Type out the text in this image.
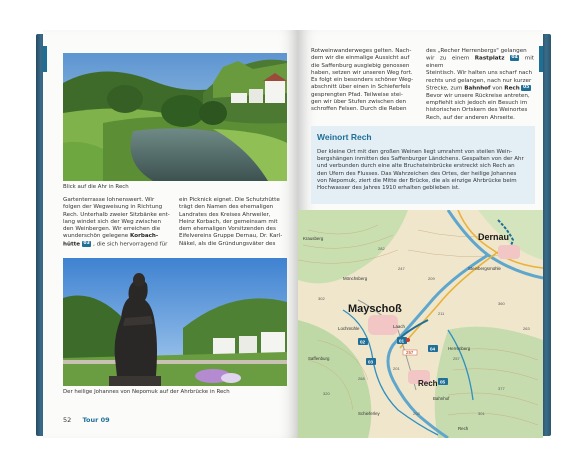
Blick auf die Ahr in Rech
Gartenterrasse Iohnenswert. Wir
folgen der Wegweisung in Richtung
Rech. Unterhalb zweier Sitzbänke ent-
lang windet sich der Weg zwischen
den Weinbergen. Wir erreichen die
wunderschön gelegene Korbach-
hütte 03 , die sich hervorragend für
ein Picknick eignet. Die Schutzhütte
trägt den Namen des ehemaligen
Landrates des Kreises Ahrweiler,
Heinz Korbach, der gemeinsam mit
dem ehemaligen Vorsitzenden des
Eifelvereins Gruppe Dernau, Dr. Karl-
Näkel, als die Gründungsväter des
Der heilige Johannes von Nepomuk auf der Ahrbrücke in Rech
52 Tour 09
Rotweinwanderweges gelten. Nach-
dem wir die einmalige Aussicht auf
die Saffenburg ausgiebig genossen
haben, setzen wir unseren Weg fort.
Es folgt ein besonders schöner Weg-
abschnitt über einen in Schieferfels
gesprengten Pfad. Teilweise stei-
gen wir über Stufen zwischen den
schroffen Felsen. Durch die Reben
des „Recher Herrenbergs" gelangen
wir zu einem Rastplatz 04 mit einem
Steintisch. Wir halten uns scharf nach
rechts und gelangen, nach nur kurzer
Strecke, zum Bahnhof von Rech 05
Bevor wir unsere Rückreise antreten,
empfiehlt sich jedoch ein Besuch im
historischen Ortskern des Weinortes
Rech, auf der anderen Ahrseite.
Weinort Rech
Der kleine Ort mit den großen Weinen liegt umrahmt von steilen Wein-
bergshängen inmitten des Saffenburger Ländchens. Gespalten von der Ahr
und verbunden durch eine alte Bruchsteinbrücke erstreckt sich Rech an
den Ufern des Flusses. Das Wahrzeichen des Ortes, der heilige Johannes
von Nepomuk, ziert die Mitte der Brücke, die als einzige Ahrbrücke beim
Hochwasser des Jahres 1910 erhalten geblieben ist.
257
Mayschoß
Dernau
Rech
Steinbergsmühle
Lochmühle
Mönchsberg
Laach
Saffenburg
Schieferley
Herrenberg
Rech
Krausberg
Bahnhof
282
302
211
360
320
377
257
201
209
247
263
268
301
208
01
02
03
04
05
